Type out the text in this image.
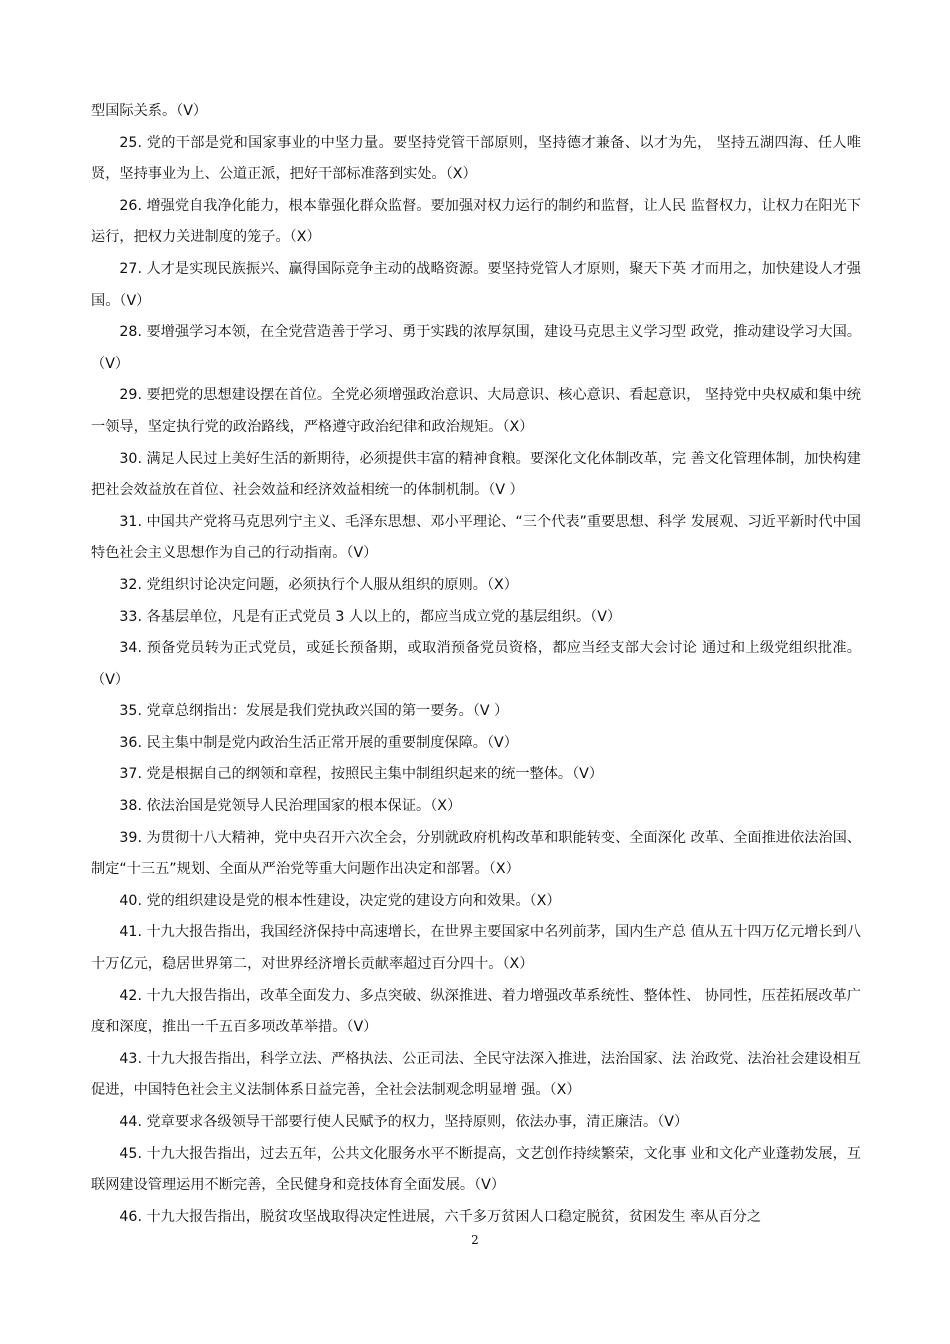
型国际关系。（V）

25. 党的干部是党和国家事业的中坚力量。要坚持党管干部原则，坚持德才兼备、以才为先， 坚持五湖四海、任人唯贤，坚持事业为上、公道正派，把好干部标准落到实处。（X）

26. 增强党自我净化能力，根本靠强化群众监督。要加强对权力运行的制约和监督，让人民 监督权力，让权力在阳光下运行，把权力关进制度的笼子。（X）

27. 人才是实现民族振兴、赢得国际竞争主动的战略资源。要坚持党管人才原则，聚天下英 才而用之，加快建设人才强国。（V）

28. 要增强学习本领，在全党营造善于学习、勇于实践的浓厚氛围，建设马克思主义学习型 政党，推动建设学习大国。（V）

29. 要把党的思想建设摆在首位。全党必须增强政治意识、大局意识、核心意识、看起意识， 坚持党中央权威和集中统一领导，坚定执行党的政治路线，严格遵守政治纪律和政治规矩。（X）

30. 满足人民过上美好生活的新期待，必须提供丰富的精神食粮。要深化文化体制改革，完 善文化管理体制，加快构建把社会效益放在首位、社会效益和经济效益相统一的体制机制。（V ）

31. 中国共产党将马克思列宁主义、毛泽东思想、邓小平理论、“三个代表”重要思想、科学 发展观、习近平新时代中国特色社会主义思想作为自己的行动指南。（V）

32. 党组织讨论决定问题，必须执行个人服从组织的原则。（X）

33. 各基层单位，凡是有正式党员 3 人以上的，都应当成立党的基层组织。（V）

34. 预备党员转为正式党员，或延长预备期，或取消预备党员资格，都应当经支部大会讨论 通过和上级党组织批准。（V）

35. 党章总纲指出：发展是我们党执政兴国的第一要务。（V ）

36. 民主集中制是党内政治生活正常开展的重要制度保障。（V）

37. 党是根据自己的纲领和章程，按照民主集中制组织起来的统一整体。（V）

38. 依法治国是党领导人民治理国家的根本保证。（X）

39. 为贯彻十八大精神，党中央召开六次全会，分别就政府机构改革和职能转变、全面深化 改革、全面推进依法治国、制定“十三五”规划、全面从严治党等重大问题作出决定和部署。（X）

40. 党的组织建设是党的根本性建设，决定党的建设方向和效果。（X）

41. 十九大报告指出，我国经济保持中高速增长，在世界主要国家中名列前茅，国内生产总 值从五十四万亿元增长到八十万亿元，稳居世界第二，对世界经济增长贡献率超过百分四十。（X）

42. 十九大报告指出，改革全面发力、多点突破、纵深推进、着力增强改革系统性、整体性、 协同性，压茬拓展改革广度和深度，推出一千五百多项改革举措。（V）

43. 十九大报告指出，科学立法、严格执法、公正司法、全民守法深入推进，法治国家、法 治政党、法治社会建设相互促进，中国特色社会主义法制体系日益完善，全社会法制观念明显增 强。（X）

44. 党章要求各级领导干部要行使人民赋予的权力，坚持原则，依法办事，清正廉洁。（V）

45. 十九大报告指出，过去五年，公共文化服务水平不断提高，文艺创作持续繁荣，文化事 业和文化产业蓬勃发展，互联网建设管理运用不断完善，全民健身和竞技体育全面发展。（V）

46. 十九大报告指出，脱贫攻坚战取得决定性进展，六千多万贫困人口稳定脱贫，贫困发生 率从百分之

2
